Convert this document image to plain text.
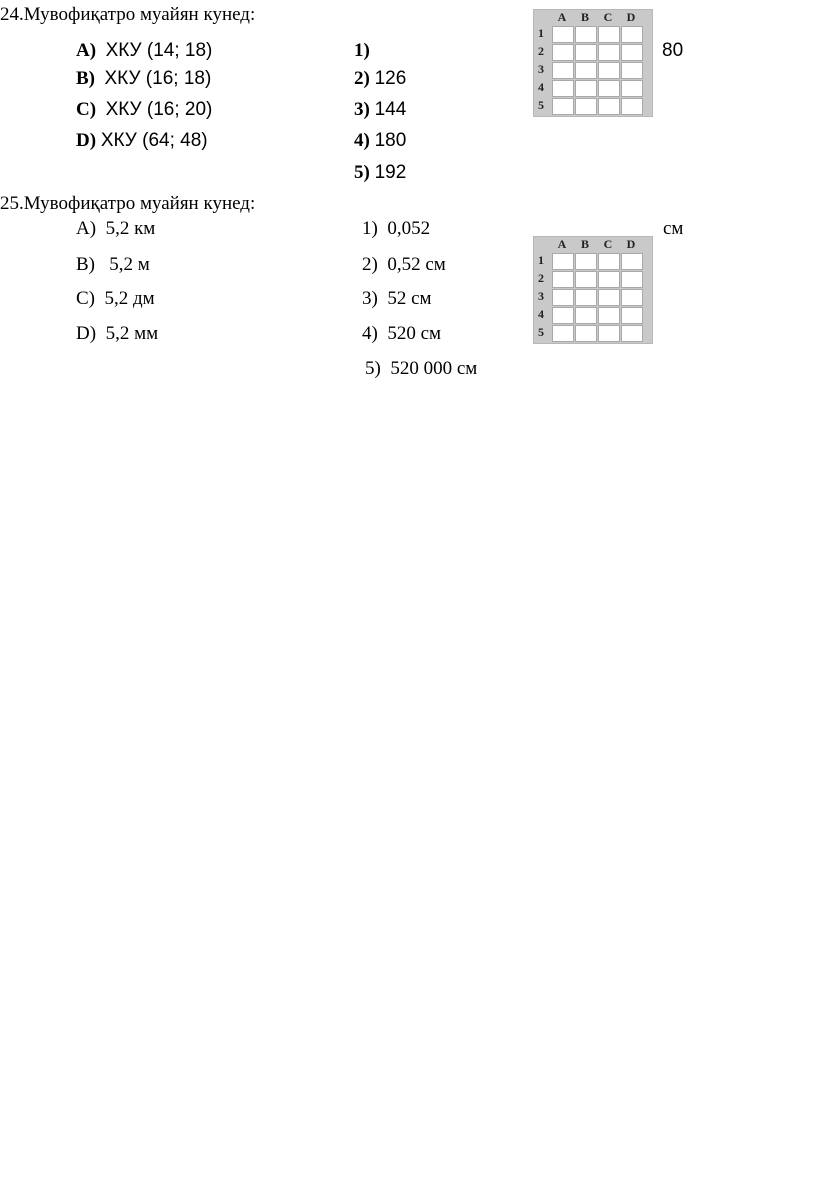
24.Мувофиқатро муайян кунед:
A) ХКУ (14; 18)
B) ХКУ (16; 18)
C) ХКУ (16; 20)
D) ХКУ (64; 48)
1)
2) 126
3) 144
4) 180
5) 192
80
A	B	C	D
1
2
3
4
5
25.Мувофиқатро муайян кунед:
A) 5,2 км
B) 5,2 м
C) 5,2 дм
D) 5,2 мм
1) 0,052
2) 0,52 см
3) 52 см
4) 520 см
5) 520 000 см
см
A	B	C	D
1
2
3
4
5
